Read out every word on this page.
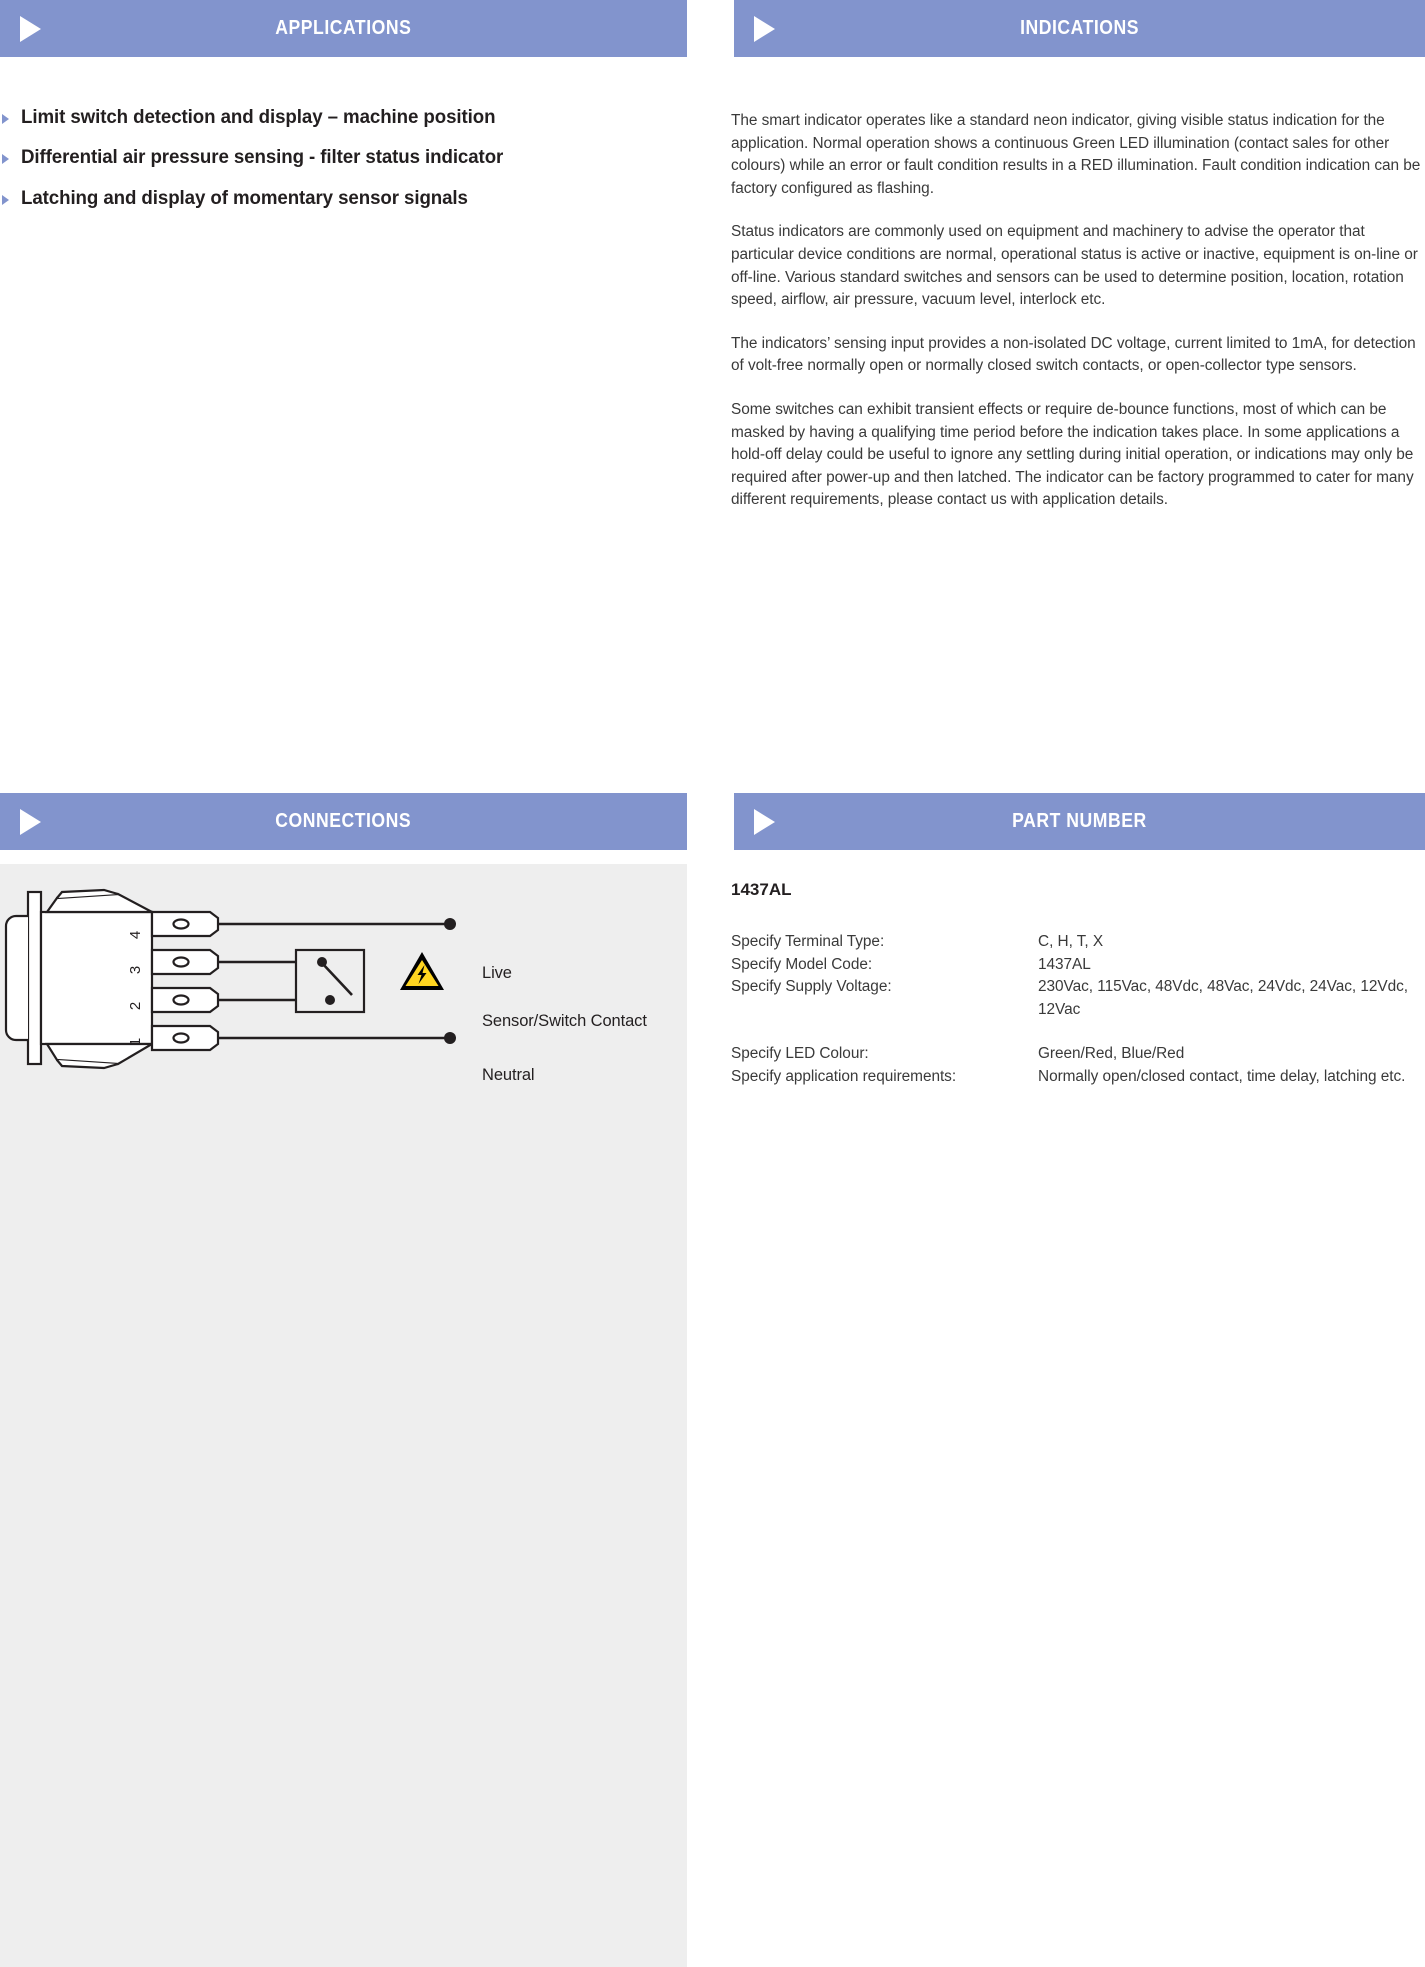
APPLICATIONS
Limit switch detection and display – machine position
Differential air pressure sensing - filter status indicator
Latching and display of momentary sensor signals
INDICATIONS

The smart indicator operates like a standard neon indicator, giving visible status indication for the application. Normal operation shows a continuous Green LED illumination (contact sales for other colours) while an error or fault condition results in a RED illumination. Fault condition indication can be factory configured as flashing.

Status indicators are commonly used on equipment and machinery to advise the operator that particular device conditions are normal, operational status is active or inactive, equipment is on-line or off-line. Various standard switches and sensors can be used to determine position, location, rotation speed, airflow, air pressure, vacuum level, interlock etc.

The indicators’ sensing input provides a non-isolated DC voltage, current limited to 1mA, for detection of volt-free normally open or normally closed switch contacts, or open-collector type sensors.

Some switches can exhibit transient effects or require de-bounce functions, most of which can be masked by having a qualifying time period before the indication takes place. In some applications a hold-off delay could be useful to ignore any settling during initial operation, or indications may only be required after power-up and then latched. The indicator can be factory programmed to cater for many different requirements, please contact us with application details.

CONNECTIONS
4
3
2
1
Live
Sensor/Switch Contact
Neutral
PART NUMBER
1437AL
Specify Terminal Type:	C, H, T, X
Specify Model Code:	1437AL
Specify Supply Voltage:	230Vac, 115Vac, 48Vdc, 48Vac, 24Vdc, 24Vac, 12Vdc, 12Vac
Specify LED Colour:	Green/Red, Blue/Red
Specify application requirements:	Normally open/closed contact, time delay, latching etc.
